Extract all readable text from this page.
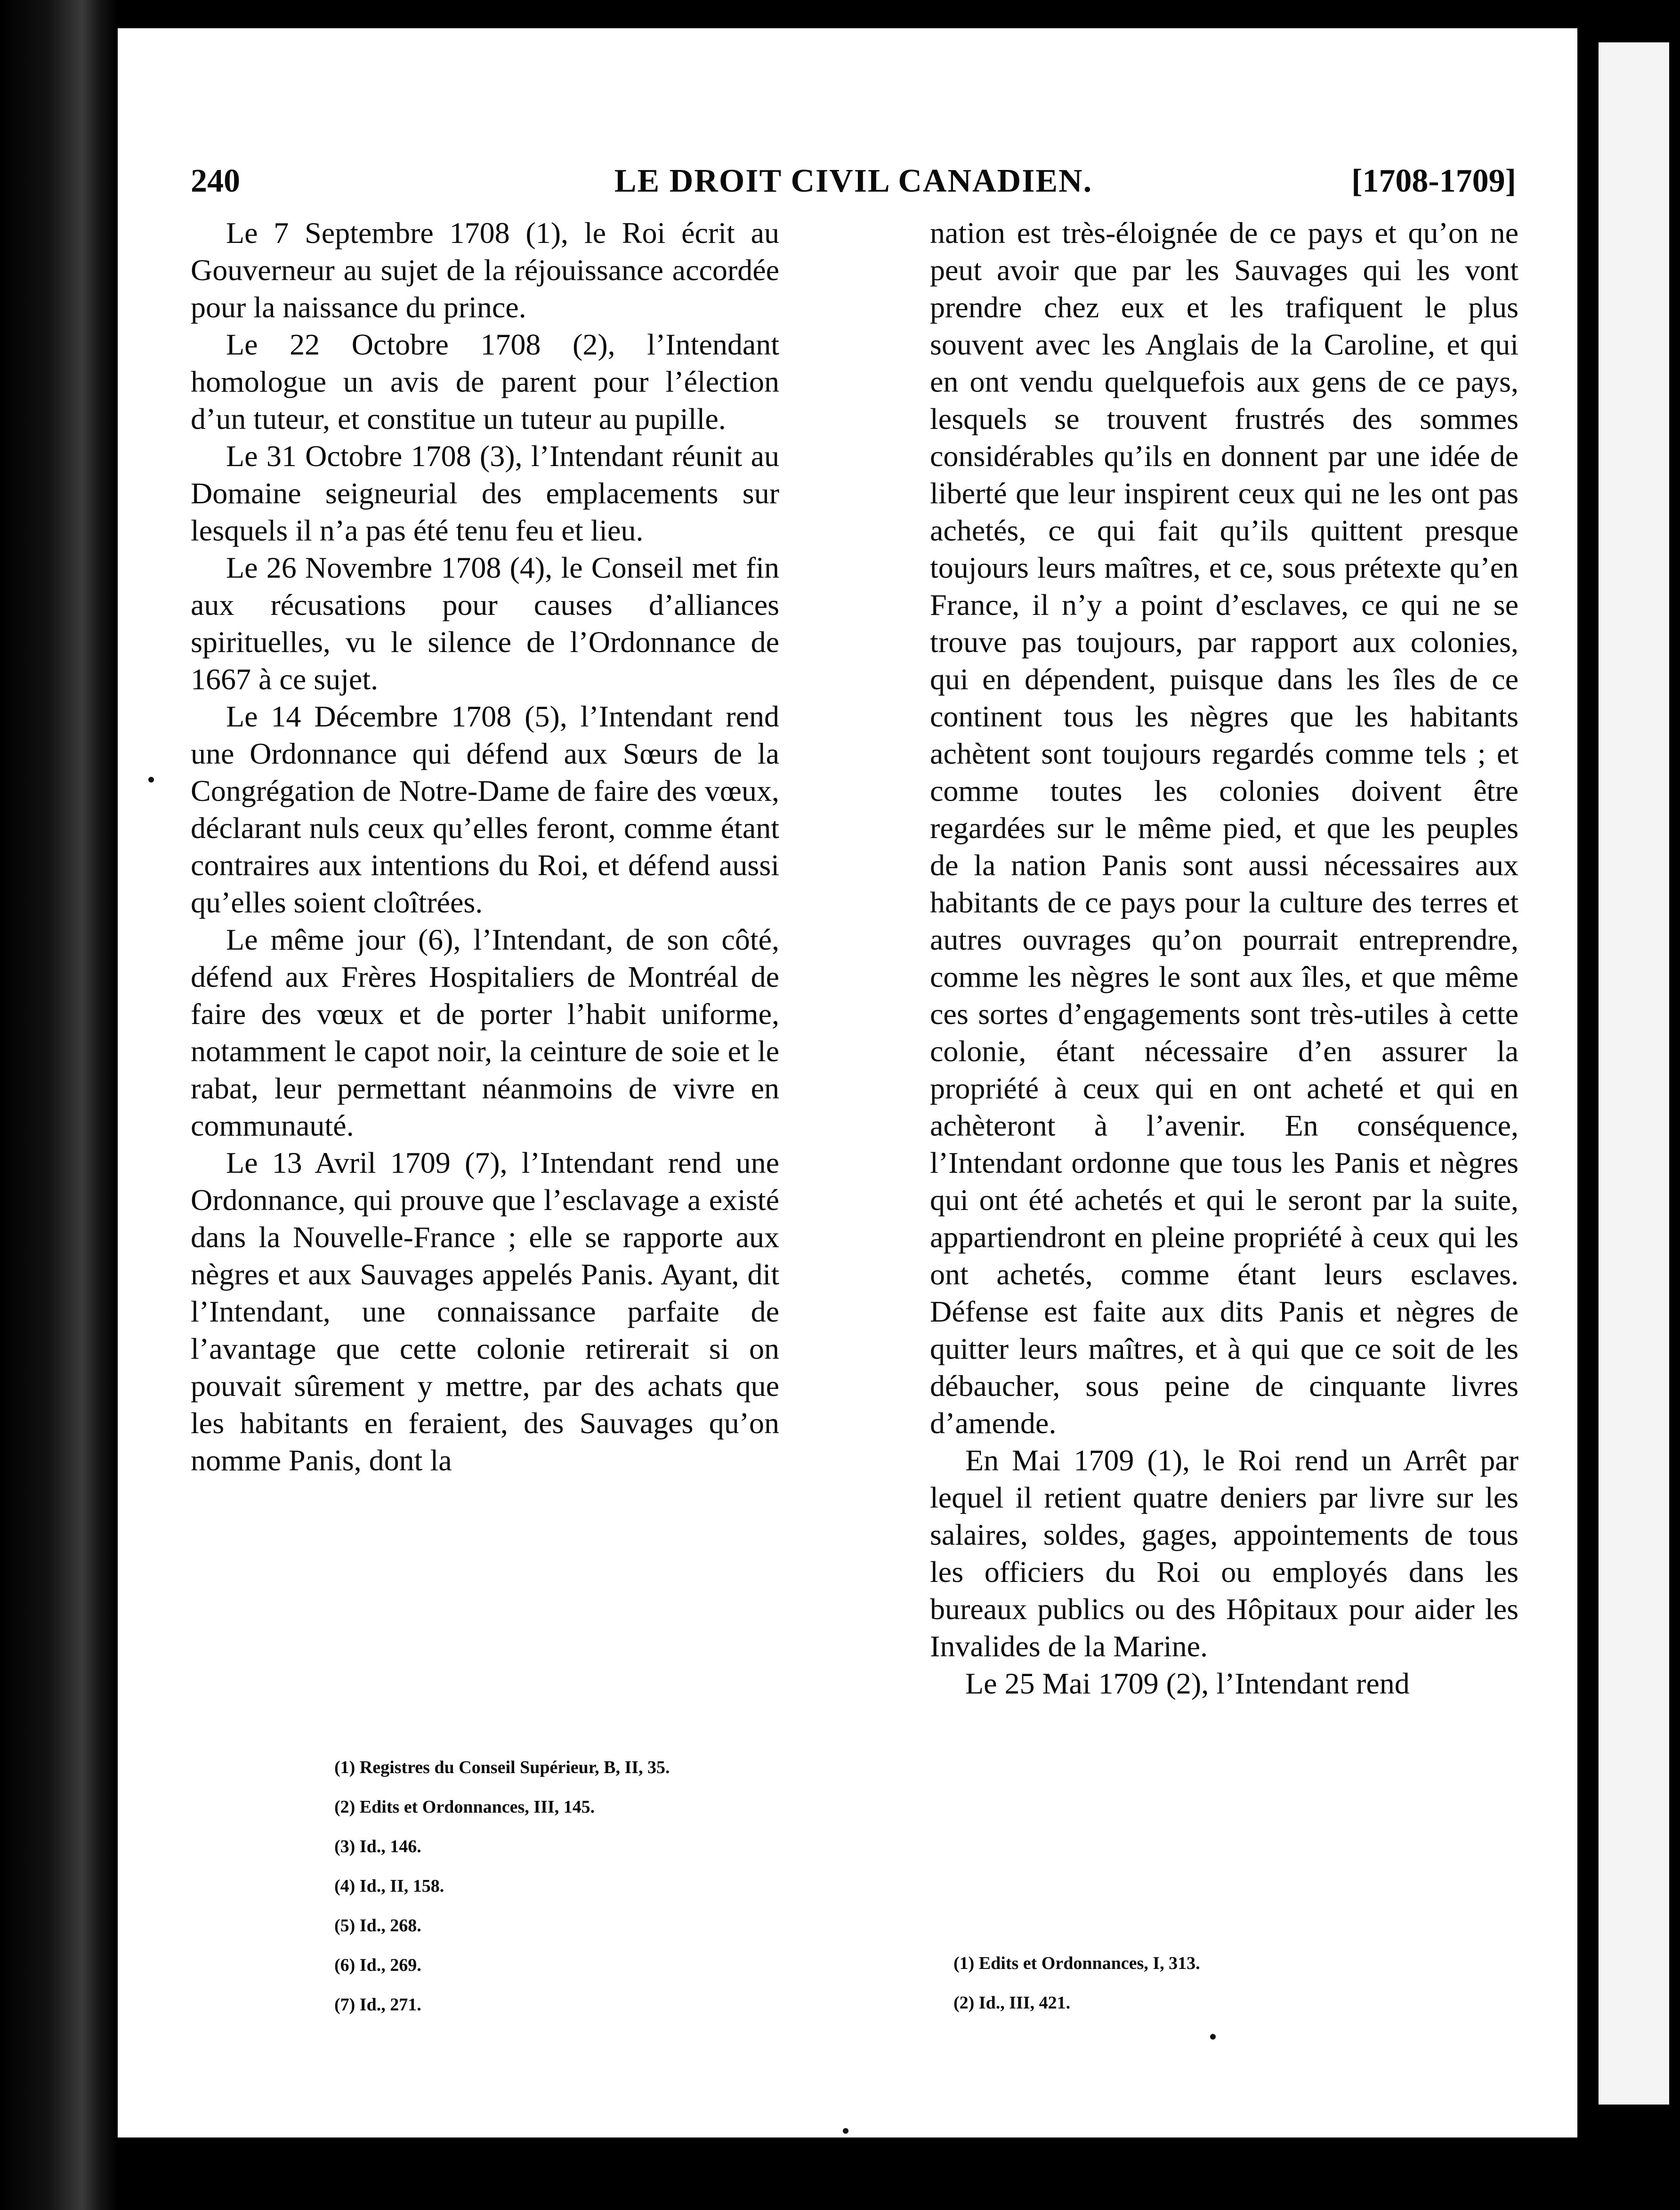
240	LE DROIT CIVIL CANADIEN.	[1708-1709]

Le 7 Septembre 1708 (1), le Roi écrit au Gouverneur au sujet de la réjouissance accordée pour la naissance du prince.

Le 22 Octobre 1708 (2), l’Intendant homologue un avis de parent pour l’élection d’un tuteur, et constitue un tuteur au pupille.

Le 31 Octobre 1708 (3), l’Intendant réunit au Domaine seigneurial des emplacements sur lesquels il n’a pas été tenu feu et lieu.

Le 26 Novembre 1708 (4), le Conseil met fin aux récusations pour causes d’alliances spirituelles, vu le silence de l’Ordonnance de 1667 à ce sujet.

Le 14 Décembre 1708 (5), l’Intendant rend une Ordonnance qui défend aux Sœurs de la Congrégation de Notre-Dame de faire des vœux, déclarant nuls ceux qu’elles feront, comme étant contraires aux intentions du Roi, et défend aussi qu’elles soient cloîtrées.

Le même jour (6), l’Intendant, de son côté, défend aux Frères Hospitaliers de Montréal de faire des vœux et de porter l’habit uniforme, notamment le capot noir, la ceinture de soie et le rabat, leur permettant néanmoins de vivre en communauté.

Le 13 Avril 1709 (7), l’Intendant rend une Ordonnance, qui prouve que l’esclavage a existé dans la Nouvelle-France ; elle se rapporte aux nègres et aux Sauvages appelés Panis. Ayant, dit l’Intendant, une connaissance parfaite de l’avantage que cette colonie retirerait si on pouvait sûrement y mettre, par des achats que les habitants en feraient, des Sauvages qu’on nomme Panis, dont la

(1) Registres du Conseil Supérieur, B, II, 35.
(2) Edits et Ordonnances, III, 145.
(3) Id., 146.
(4) Id., II, 158.
(5) Id., 268.
(6) Id., 269.
(7) Id., 271.

nation est très-éloignée de ce pays et qu’on ne peut avoir que par les Sauvages qui les vont prendre chez eux et les trafiquent le plus souvent avec les Anglais de la Caroline, et qui en ont vendu quelquefois aux gens de ce pays, lesquels se trouvent frustrés des sommes considérables qu’ils en donnent par une idée de liberté que leur inspirent ceux qui ne les ont pas achetés, ce qui fait qu’ils quittent presque toujours leurs maîtres, et ce, sous prétexte qu’en France, il n’y a point d’esclaves, ce qui ne se trouve pas toujours, par rapport aux colonies, qui en dépendent, puisque dans les îles de ce continent tous les nègres que les habitants achètent sont toujours regardés comme tels ; et comme toutes les colonies doivent être regardées sur le même pied, et que les peuples de la nation Panis sont aussi nécessaires aux habitants de ce pays pour la culture des terres et autres ouvrages qu’on pourrait entreprendre, comme les nègres le sont aux îles, et que même ces sortes d’engagements sont très-utiles à cette colonie, étant nécessaire d’en assurer la propriété à ceux qui en ont acheté et qui en achèteront à l’avenir. En conséquence, l’Intendant ordonne que tous les Panis et nègres qui ont été achetés et qui le seront par la suite, appartiendront en pleine propriété à ceux qui les ont achetés, comme étant leurs esclaves. Défense est faite aux dits Panis et nègres de quitter leurs maîtres, et à qui que ce soit de les débaucher, sous peine de cinquante livres d’amende.

En Mai 1709 (1), le Roi rend un Arrêt par lequel il retient quatre deniers par livre sur les salaires, soldes, gages, appointements de tous les officiers du Roi ou employés dans les bureaux publics ou des Hôpitaux pour aider les Invalides de la Marine.

Le 25 Mai 1709 (2), l’Intendant rend

(1) Edits et Ordonnances, I, 313.
(2) Id., III, 421.
